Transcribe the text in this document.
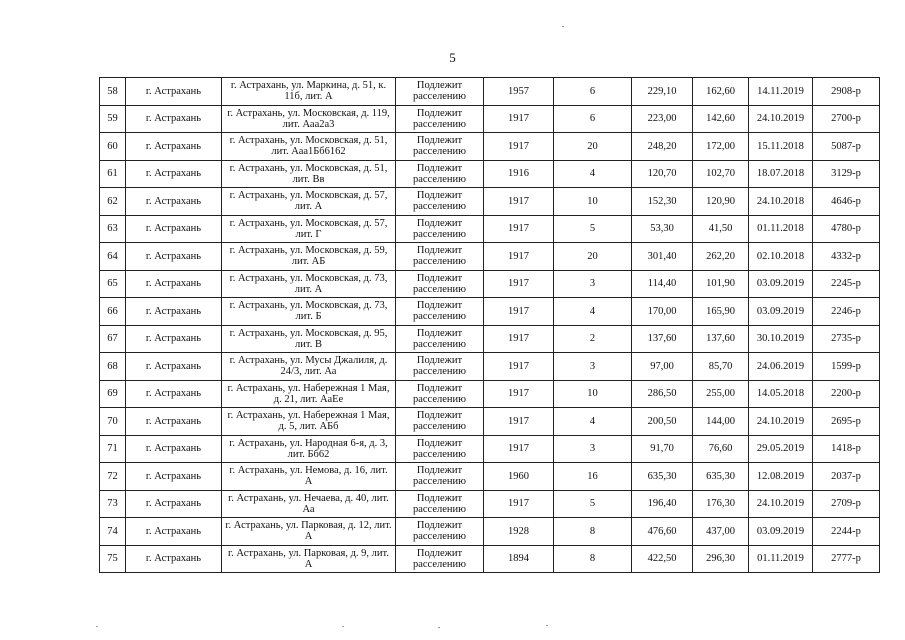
5
58	г. Астрахань	г. Астрахань, ул. Маркина, д. 51, к. 11б, лит. А	Подлежит расселению	1957	6	229,10	162,60	14.11.2019	2908-р
59	г. Астрахань	г. Астрахань, ул. Московская, д. 119, лит. Ааа2а3	Подлежит расселению	1917	6	223,00	142,60	24.10.2019	2700-р
60	г. Астрахань	г. Астрахань, ул. Московская, д. 51, лит. Ааа1Бб6162	Подлежит расселению	1917	20	248,20	172,00	15.11.2018	5087-р
61	г. Астрахань	г. Астрахань, ул. Московская, д. 51, лит. Вв	Подлежит расселению	1916	4	120,70	102,70	18.07.2018	3129-р
62	г. Астрахань	г. Астрахань, ул. Московская, д. 57, лит. А	Подлежит расселению	1917	10	152,30	120,90	24.10.2018	4646-р
63	г. Астрахань	г. Астрахань, ул. Московская, д. 57, лит. Г	Подлежит расселению	1917	5	53,30	41,50	01.11.2018	4780-р
64	г. Астрахань	г. Астрахань, ул. Московская, д. 59, лит. АБ	Подлежит расселению	1917	20	301,40	262,20	02.10.2018	4332-р
65	г. Астрахань	г. Астрахань, ул. Московская, д. 73, лит. А	Подлежит расселению	1917	3	114,40	101,90	03.09.2019	2245-р
66	г. Астрахань	г. Астрахань, ул. Московская, д. 73, лит. Б	Подлежит расселению	1917	4	170,00	165,90	03.09.2019	2246-р
67	г. Астрахань	г. Астрахань, ул. Московская, д. 95, лит. В	Подлежит расселению	1917	2	137,60	137,60	30.10.2019	2735-р
68	г. Астрахань	г. Астрахань, ул. Мусы Джалиля, д. 24/3, лит. Аа	Подлежит расселению	1917	3	97,00	85,70	24.06.2019	1599-р
69	г. Астрахань	г. Астрахань, ул. Набережная 1 Мая, д. 21, лит. АаЕе	Подлежит расселению	1917	10	286,50	255,00	14.05.2018	2200-р
70	г. Астрахань	г. Астрахань, ул. Набережная 1 Мая, д. 5, лит. АБб	Подлежит расселению	1917	4	200,50	144,00	24.10.2019	2695-р
71	г. Астрахань	г. Астрахань, ул. Народная 6-я, д. 3, лит. Бб62	Подлежит расселению	1917	3	91,70	76,60	29.05.2019	1418-р
72	г. Астрахань	г. Астрахань, ул. Немова, д. 16, лит. А	Подлежит расселению	1960	16	635,30	635,30	12.08.2019	2037-р
73	г. Астрахань	г. Астрахань, ул. Нечаева, д. 40, лит. Аа	Подлежит расселению	1917	5	196,40	176,30	24.10.2019	2709-р
74	г. Астрахань	г. Астрахань, ул. Парковая, д. 12, лит. А	Подлежит расселению	1928	8	476,60	437,00	03.09.2019	2244-р
75	г. Астрахань	г. Астрахань, ул. Парковая, д. 9, лит. А	Подлежит расселению	1894	8	422,50	296,30	01.11.2019	2777-р
